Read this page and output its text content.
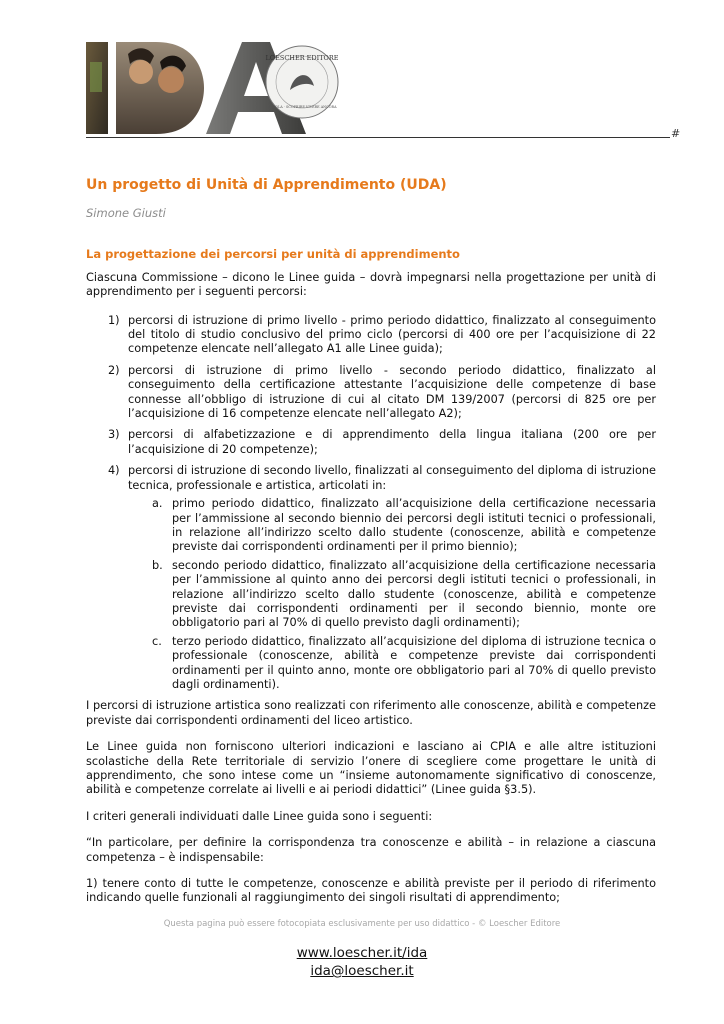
LOESCHER EDITORE
SCUOLA · SCOPRIRE VIVERE ANCORA
#
Un progetto di Unità di Apprendimento (UDA)
Simone Giusti
La progettazione dei percorsi per unità di apprendimento

Ciascuna Commissione – dicono le Linee guida – dovrà impegnarsi nella progettazione per unità di apprendimento per i seguenti percorsi:

1) percorsi di istruzione di primo livello - primo periodo didattico, finalizzato al conseguimento del titolo di studio conclusivo del primo ciclo (percorsi di 400 ore per l’acquisizione di 22 competenze elencate nell’allegato A1 alle Linee guida);
2) percorsi di istruzione di primo livello - secondo periodo didattico, finalizzato al conseguimento della certificazione attestante l’acquisizione delle competenze di base connesse all’obbligo di istruzione di cui al citato DM 139/2007 (percorsi di 825 ore per l’acquisizione di 16 competenze elencate nell’allegato A2);
3) percorsi di alfabetizzazione e di apprendimento della lingua italiana (200 ore per l’acquisizione di 20 competenze);
4) percorsi di istruzione di secondo livello, finalizzati al conseguimento del diploma di istruzione tecnica, professionale e artistica, articolati in:
a. primo periodo didattico, finalizzato all’acquisizione della certificazione necessaria per l’ammissione al secondo biennio dei percorsi degli istituti tecnici o professionali, in relazione all’indirizzo scelto dallo studente (conoscenze, abilità e competenze previste dai corrispondenti ordinamenti per il primo biennio);
b. secondo periodo didattico, finalizzato all’acquisizione della certificazione necessaria per l’ammissione al quinto anno dei percorsi degli istituti tecnici o professionali, in relazione all’indirizzo scelto dallo studente (conoscenze, abilità e competenze previste dai corrispondenti ordinamenti per il secondo biennio, monte ore obbligatorio pari al 70% di quello previsto dagli ordinamenti);
c. terzo periodo didattico, finalizzato all’acquisizione del diploma di istruzione tecnica o professionale (conoscenze, abilità e competenze previste dai corrispondenti ordinamenti per il quinto anno, monte ore obbligatorio pari al 70% di quello previsto dagli ordinamenti).

I percorsi di istruzione artistica sono realizzati con riferimento alle conoscenze, abilità e competenze previste dai corrispondenti ordinamenti del liceo artistico.

Le Linee guida non forniscono ulteriori indicazioni e lasciano ai CPIA e alle altre istituzioni scolastiche della Rete territoriale di servizio l’onere di scegliere come progettare le unità di apprendimento, che sono intese come un “insieme autonomamente significativo di conoscenze, abilità e competenze correlate ai livelli e ai periodi didattici” (Linee guida §3.5).

I criteri generali individuati dalle Linee guida sono i seguenti:

“In particolare, per definire la corrispondenza tra conoscenze e abilità – in relazione a ciascuna competenza – è indispensabile:

1) tenere conto di tutte le competenze, conoscenze e abilità previste per il periodo di riferimento indicando quelle funzionali al raggiungimento dei singoli risultati di apprendimento;

Questa pagina può essere fotocopiata esclusivamente per uso didattico - © Loescher Editore
www.loescher.it/ida
ida@loescher.it
